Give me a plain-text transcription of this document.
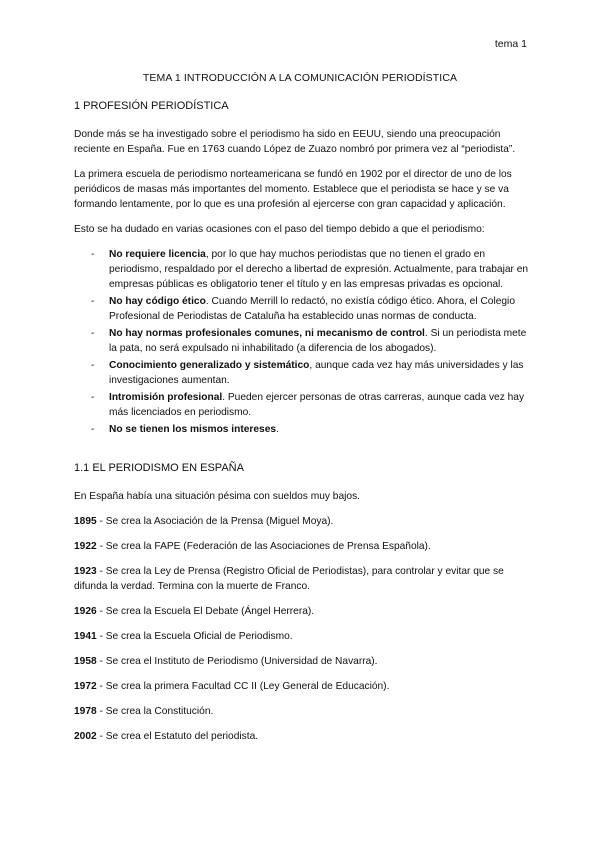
tema 1
TEMA 1 INTRODUCCIÓN A LA COMUNICACIÓN PERIODÍSTICA

1 PROFESIÓN PERIODÍSTICA

Donde más se ha investigado sobre el periodismo ha sido en EEUU, siendo una preocupación reciente en España. Fue en 1763 cuando López de Zuazo nombró por primera vez al “periodista”.

La primera escuela de periodismo norteamericana se fundó en 1902 por el director de uno de los periódicos de masas más importantes del momento. Establece que el periodista se hace y se va formando lentamente, por lo que es una profesión al ejercerse con gran capacidad y aplicación.

Esto se ha dudado en varias ocasiones con el paso del tiempo debido a que el periodismo:

- No requiere licencia, por lo que hay muchos periodistas que no tienen el grado en periodismo, respaldado por el derecho a libertad de expresión. Actualmente, para trabajar en empresas públicas es obligatorio tener el título y en las empresas privadas es opcional.
- No hay código ético. Cuando Merrill lo redactó, no existía código ético. Ahora, el Colegio Profesional de Periodistas de Cataluña ha establecido unas normas de conducta.
- No hay normas profesionales comunes, ni mecanismo de control. Si un periodista mete la pata, no será expulsado ni inhabilitado (a diferencia de los abogados).
- Conocimiento generalizado y sistemático, aunque cada vez hay más universidades y las investigaciones aumentan.
- Intromisión profesional. Pueden ejercer personas de otras carreras, aunque cada vez hay más licenciados en periodismo.
- No se tienen los mismos intereses.

1.1 EL PERIODISMO EN ESPAÑA

En España había una situación pésima con sueldos muy bajos.

1895 - Se crea la Asociación de la Prensa (Miguel Moya).

1922 - Se crea la FAPE (Federación de las Asociaciones de Prensa Española).

1923 - Se crea la Ley de Prensa (Registro Oficial de Periodistas), para controlar y evitar que se difunda la verdad. Termina con la muerte de Franco.

1926 - Se crea la Escuela El Debate (Ángel Herrera).

1941 - Se crea la Escuela Oficial de Periodismo.

1958 - Se crea el Instituto de Periodismo (Universidad de Navarra).

1972 - Se crea la primera Facultad CC II (Ley General de Educación).

1978 - Se crea la Constitución.

2002 - Se crea el Estatuto del periodista.
